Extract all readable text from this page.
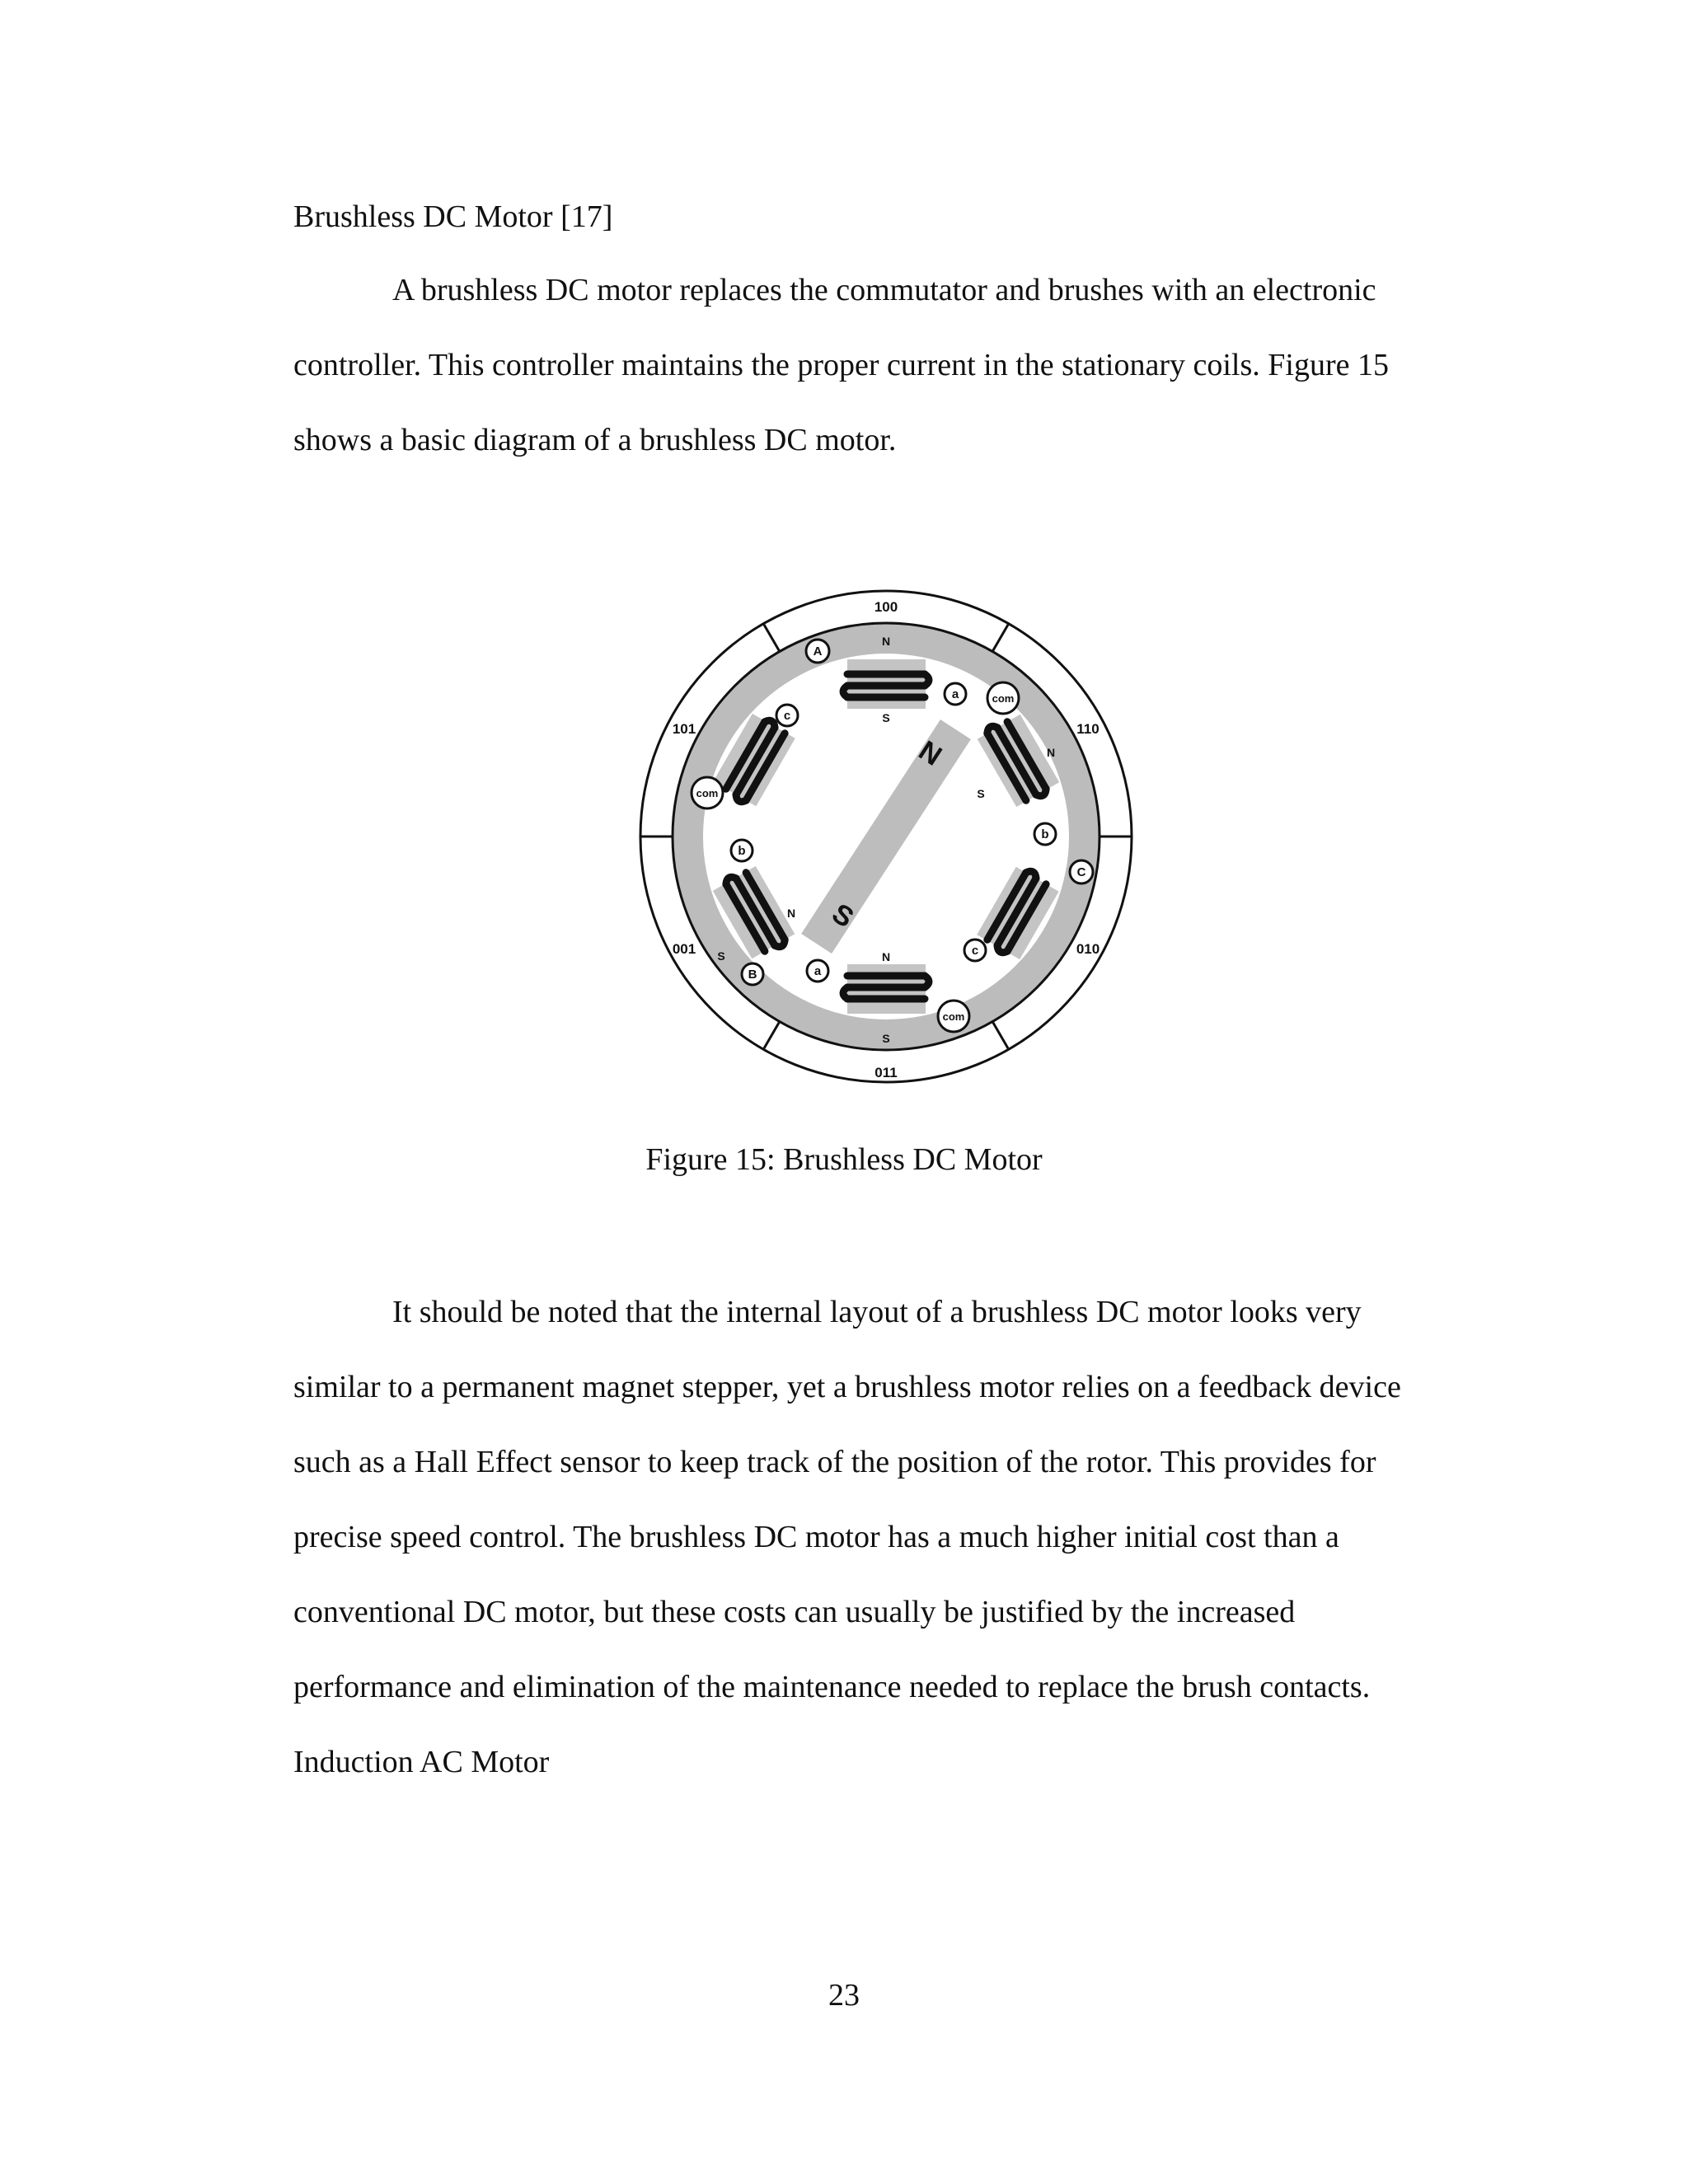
Brushless DC Motor [17]

A brushless DC motor replaces the commutator and brushes with an electronic controller. This controller maintains the proper current in the stationary coils. Figure 15 shows a basic diagram of a brushless DC motor.

N
S
A
a	com
b
C
c
a
com
b
B
c
com
N
S
N
S
N
S
N
S
100
110
010
011
001
101
Figure 15: Brushless DC Motor

It should be noted that the internal layout of a brushless DC motor looks very similar to a permanent magnet stepper, yet a brushless motor relies on a feedback device such as a Hall Effect sensor to keep track of the position of the rotor. This provides for precise speed control. The brushless DC motor has a much higher initial cost than a conventional DC motor, but these costs can usually be justified by the increased performance and elimination of the maintenance needed to replace the brush contacts.

Induction AC Motor
23
